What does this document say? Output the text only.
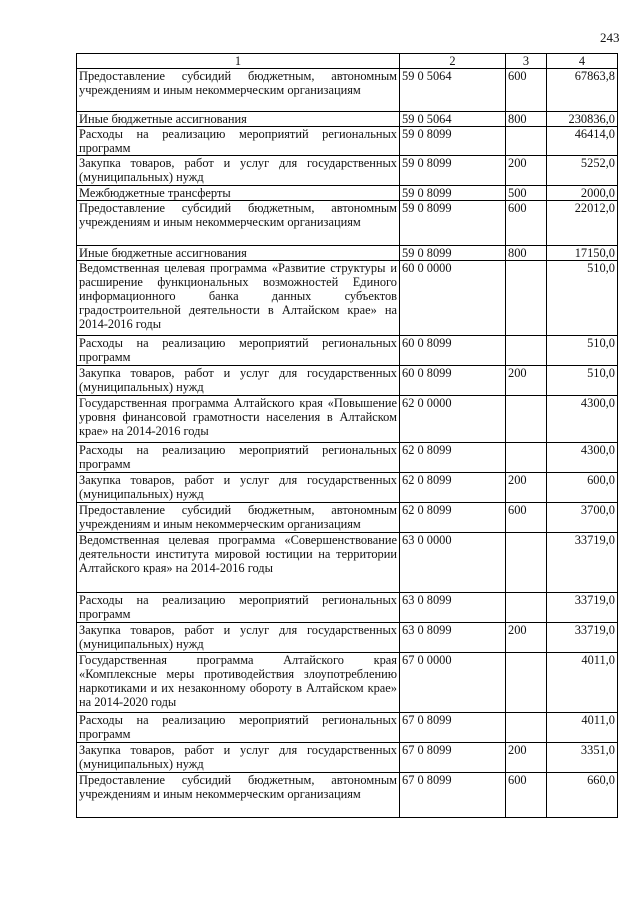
243
1	2	3	4
Предоставление субсидий бюджетным, автономным учреждениям и иным некоммерческим организациям	59 0 5064	600	67863,8
Иные бюджетные ассигнования	59 0 5064	800	230836,0
Расходы на реализацию мероприятий региональных программ	59 0 8099		46414,0
Закупка товаров, работ и услуг для государственных (муниципальных) нужд	59 0 8099	200	5252,0
Межбюджетные трансферты	59 0 8099	500	2000,0
Предоставление субсидий бюджетным, автономным учреждениям и иным некоммерческим организациям	59 0 8099	600	22012,0
Иные бюджетные ассигнования	59 0 8099	800	17150,0
Ведомственная целевая программа «Развитие структуры и расширение функциональных возможностей Единого информационного банка данных субъектов градостроительной деятельности в Алтайском крае» на 2014-2016 годы	60 0 0000		510,0
Расходы на реализацию мероприятий региональных программ	60 0 8099		510,0
Закупка товаров, работ и услуг для государственных (муниципальных) нужд	60 0 8099	200	510,0
Государственная программа Алтайского края «Повышение уровня финансовой грамотности населения в Алтайском крае» на 2014-2016 годы	62 0 0000		4300,0
Расходы на реализацию мероприятий региональных программ	62 0 8099		4300,0
Закупка товаров, работ и услуг для государственных (муниципальных) нужд	62 0 8099	200	600,0
Предоставление субсидий бюджетным, автономным учреждениям и иным некоммерческим организациям	62 0 8099	600	3700,0
Ведомственная целевая программа «Совершенствование деятельности института мировой юстиции на территории Алтайского края» на 2014-2016 годы	63 0 0000		33719,0
Расходы на реализацию мероприятий региональных программ	63 0 8099		33719,0
Закупка товаров, работ и услуг для государственных (муниципальных) нужд	63 0 8099	200	33719,0
Государственная программа Алтайского края «Комплексные меры противодействия злоупотреблению наркотиками и их незаконному обороту в Алтайском крае» на 2014-2020 годы	67 0 0000		4011,0
Расходы на реализацию мероприятий региональных программ	67 0 8099		4011,0
Закупка товаров, работ и услуг для государственных (муниципальных) нужд	67 0 8099	200	3351,0
Предоставление субсидий бюджетным, автономным учреждениям и иным некоммерческим организациям	67 0 8099	600	660,0
